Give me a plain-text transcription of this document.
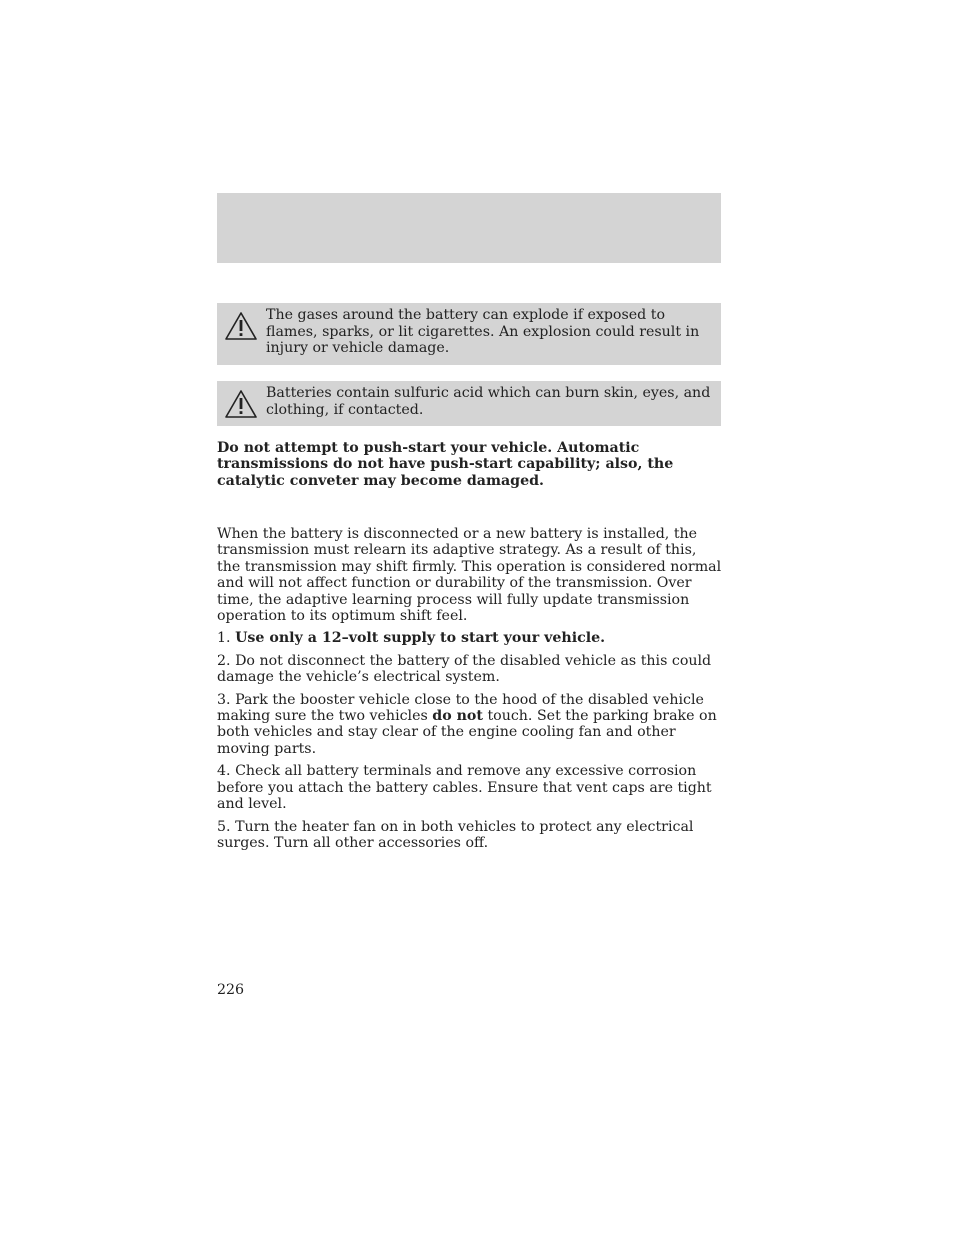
The gases around the battery can explode if exposed to flames, sparks, or lit cigarettes. An explosion could result in injury or vehicle damage.
Batteries contain sulfuric acid which can burn skin, eyes, and clothing, if contacted.
Do not attempt to push-start your vehicle. Automatic transmissions do not have push-start capability; also, the catalytic conveter may become damaged.

When the battery is disconnected or a new battery is installed, the transmission must relearn its adaptive strategy. As a result of this, the transmission may shift firmly. This operation is considered normal and will not affect function or durability of the transmission. Over time, the adaptive learning process will fully update transmission operation to its optimum shift feel.

1. Use only a 12–volt supply to start your vehicle.

2. Do not disconnect the battery of the disabled vehicle as this could damage the vehicle’s electrical system.

3. Park the booster vehicle close to the hood of the disabled vehicle making sure the two vehicles do not touch. Set the parking brake on both vehicles and stay clear of the engine cooling fan and other moving parts.

4. Check all battery terminals and remove any excessive corrosion before you attach the battery cables. Ensure that vent caps are tight and level.

5. Turn the heater fan on in both vehicles to protect any electrical surges. Turn all other accessories off.

226
